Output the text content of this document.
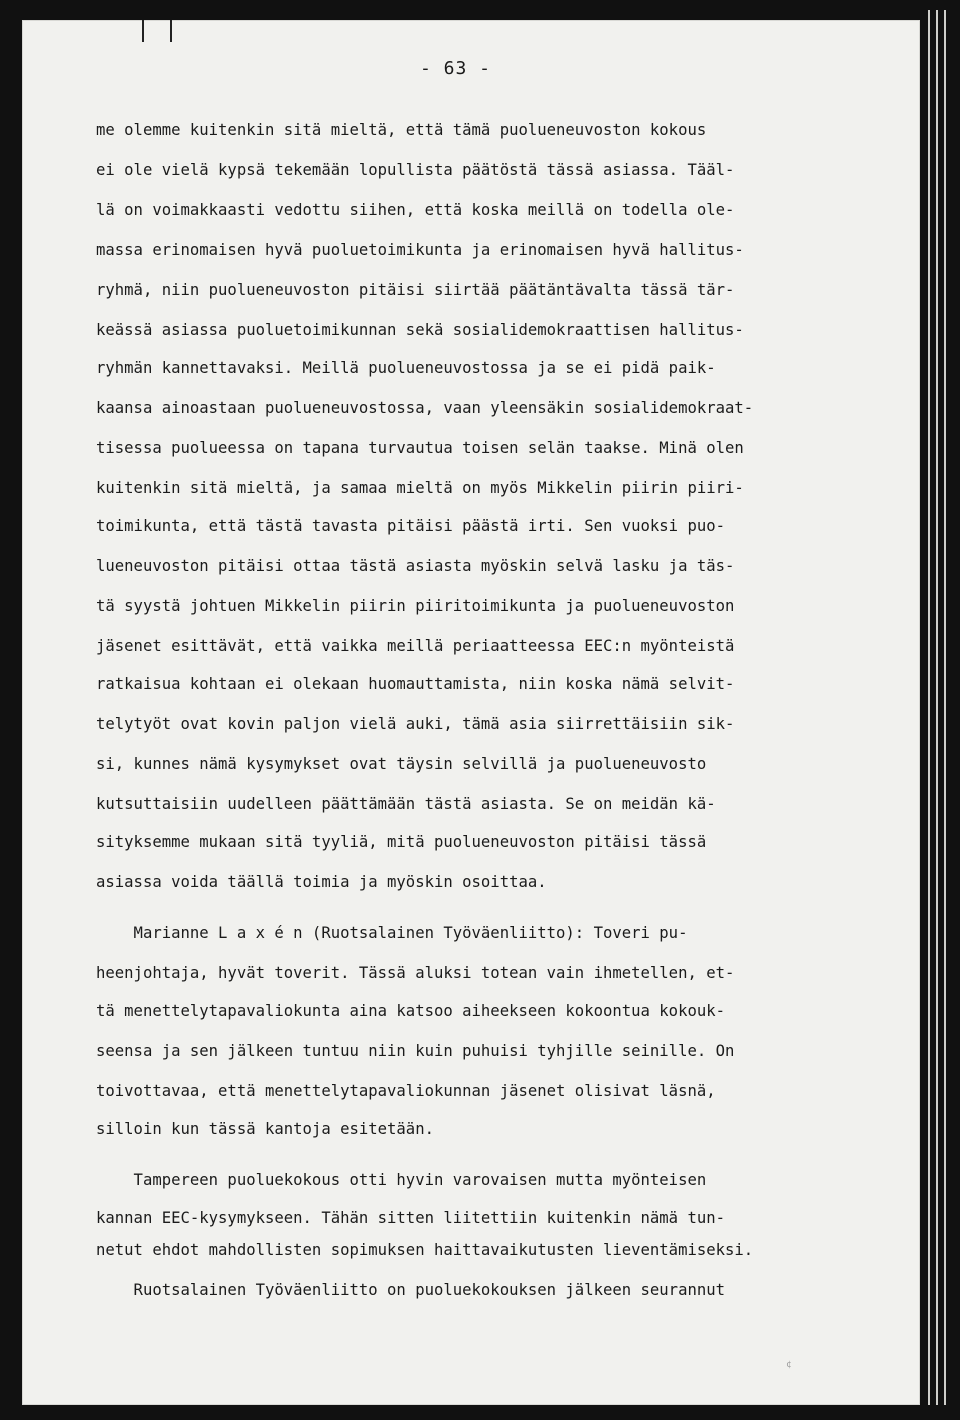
- 63 -
me olemme kuitenkin sitä mieltä, että tämä puolueneuvoston kokous
ei ole vielä kypsä tekemään lopullista päätöstä tässä asiassa. Tääl-
lä on voimakkaasti vedottu siihen, että koska meillä on todella ole-
massa erinomaisen hyvä puoluetoimikunta ja erinomaisen hyvä hallitus-
ryhmä, niin puolueneuvoston pitäisi siirtää päätäntävalta tässä tär-
keässä asiassa puoluetoimikunnan sekä sosialidemokraattisen hallitus-
ryhmän kannettavaksi. Meillä puolueneuvostossa ja se ei pidä paik-
kaansa ainoastaan puolueneuvostossa, vaan yleensäkin sosialidemokraat-
tisessa puolueessa on tapana turvautua toisen selän taakse. Minä olen
kuitenkin sitä mieltä, ja samaa mieltä on myös Mikkelin piirin piiri-
toimikunta, että tästä tavasta pitäisi päästä irti. Sen vuoksi puo-
lueneuvoston pitäisi ottaa tästä asiasta myöskin selvä lasku ja täs-
tä syystä johtuen Mikkelin piirin piiritoimikunta ja puolueneuvoston
jäsenet esittävät, että vaikka meillä periaatteessa EEC:n myönteistä
ratkaisua kohtaan ei olekaan huomauttamista, niin koska nämä selvit-
telytyöt ovat kovin paljon vielä auki, tämä asia siirrettäisiin sik-
si, kunnes nämä kysymykset ovat täysin selvillä ja puolueneuvosto
kutsuttaisiin uudelleen päättämään tästä asiasta. Se on meidän kä-
sityksemme mukaan sitä tyyliä, mitä puolueneuvoston pitäisi tässä
asiassa voida täällä toimia ja myöskin osoittaa.
Marianne L a x é n (Ruotsalainen Työväenliitto): Toveri pu-
heenjohtaja, hyvät toverit. Tässä aluksi totean vain ihmetellen, et-
tä menettelytapavaliokunta aina katsoo aiheekseen kokoontua kokouk-
seensa ja sen jälkeen tuntuu niin kuin puhuisi tyhjille seinille. On
toivottavaa, että menettelytapavaliokunnan jäsenet olisivat läsnä,
silloin kun tässä kantoja esitetään.
Tampereen puoluekokous otti hyvin varovaisen mutta myönteisen
kannan EEC-kysymykseen. Tähän sitten liitettiin kuitenkin nämä tun-
netut ehdot mahdollisten sopimuksen haittavaikutusten lieventämiseksi.
Ruotsalainen Työväenliitto on puoluekokouksen jälkeen seurannut
¢
